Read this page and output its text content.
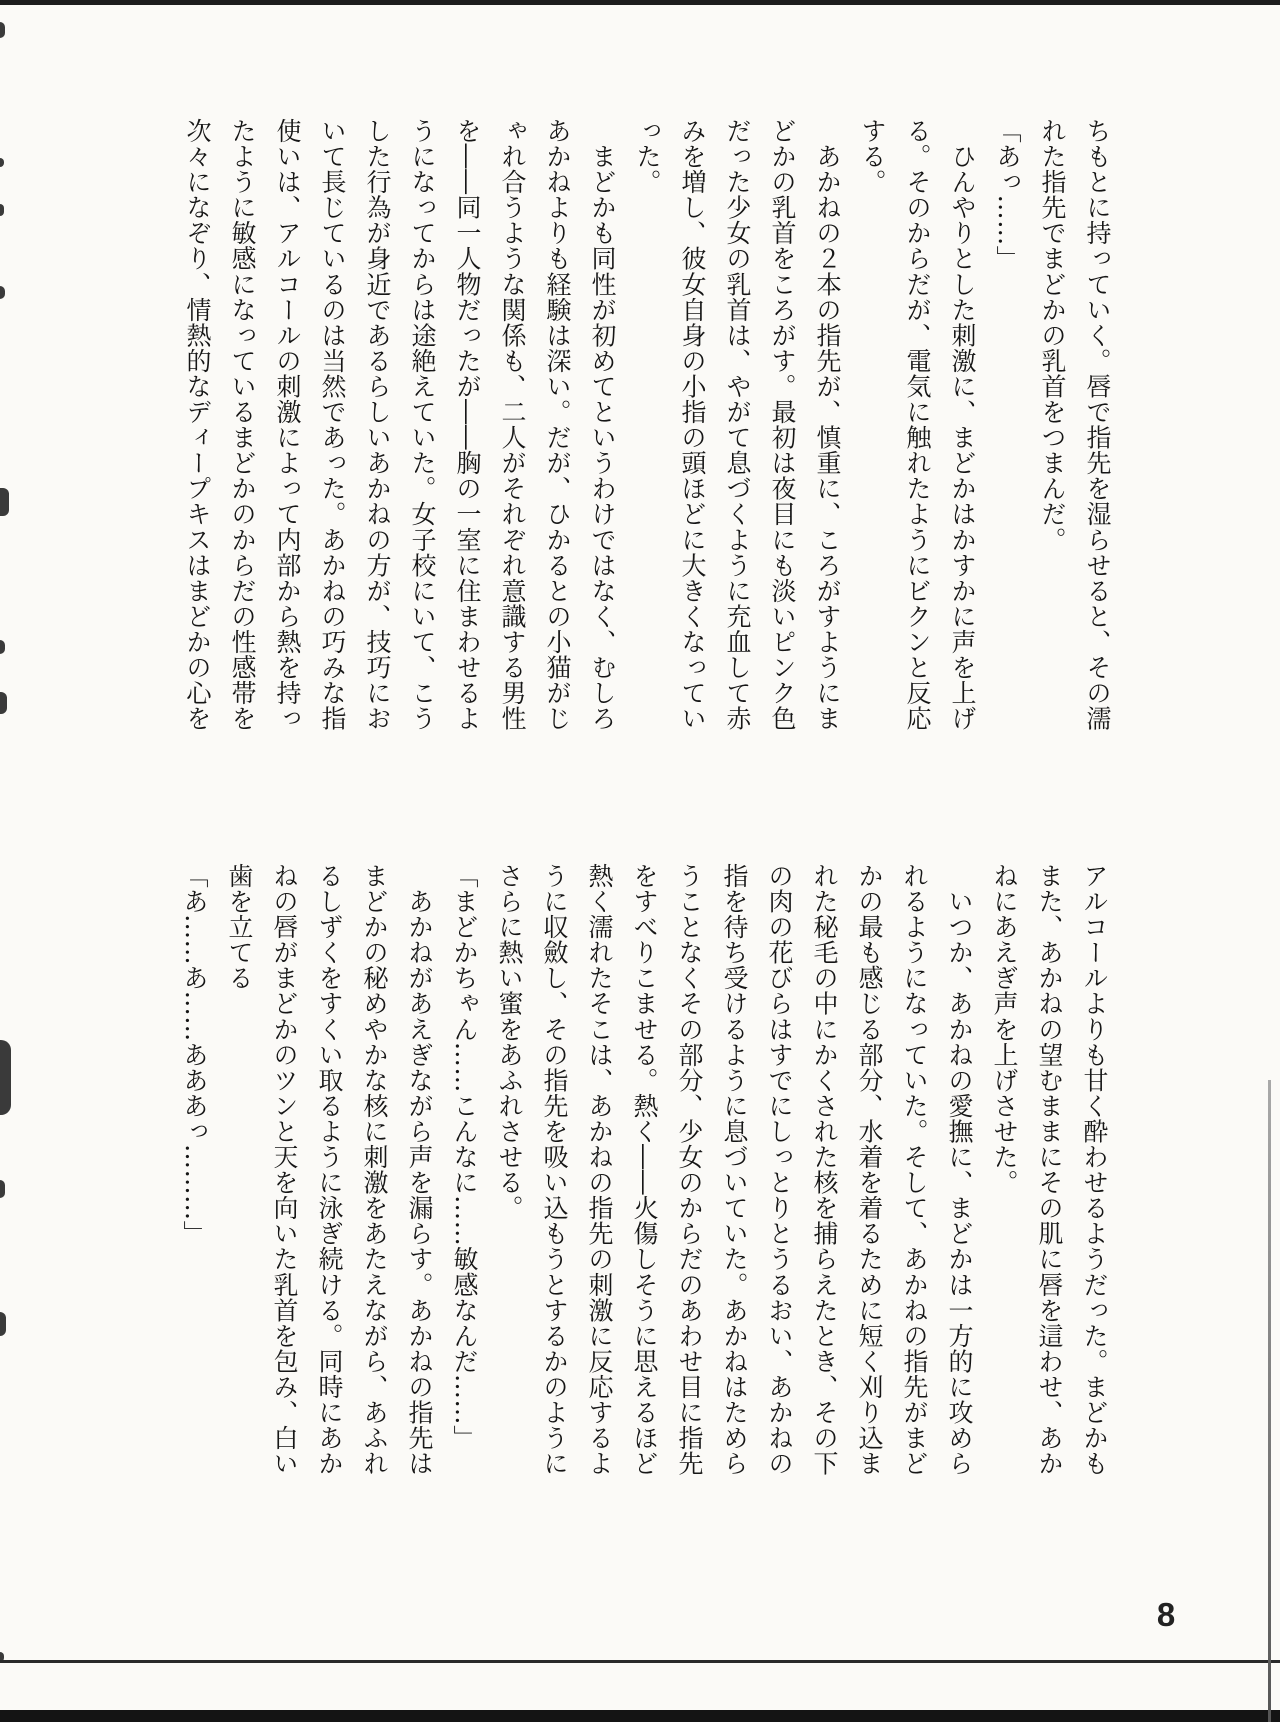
ちもとに持っていく。唇で指先を湿らせると、その濡
れた指先でまどかの乳首をつまんだ。
「あっ……」
　ひんやりとした刺激に、まどかはかすかに声を上げ
る。そのからだが、電気に触れたようにビクンと反応
する。
　あかねの２本の指先が、慎重に、ころがすようにま
どかの乳首をころがす。最初は夜目にも淡いピンク色
だった少女の乳首は、やがて息づくように充血して赤
みを増し、彼女自身の小指の頭ほどに大きくなってい
った。
　まどかも同性が初めてというわけではなく、むしろ
あかねよりも経験は深い。だが、ひかるとの小猫がじ
ゃれ合うような関係も、二人がそれぞれ意識する男性
を――同一人物だったが――胸の一室に住まわせるよ
うになってからは途絶えていた。女子校にいて、こう
した行為が身近であるらしいあかねの方が、技巧にお
いて長じているのは当然であった。あかねの巧みな指
使いは、アルコールの刺激によって内部から熱を持っ
たように敏感になっているまどかのからだの性感帯を
次々になぞり、情熱的なディープキスはまどかの心を
アルコールよりも甘く酔わせるようだった。まどかも
また、あかねの望むままにその肌に唇を這わせ、あか
ねにあえぎ声を上げさせた。
　いつか、あかねの愛撫に、まどかは一方的に攻めら
れるようになっていた。そして、あかねの指先がまど
かの最も感じる部分、水着を着るために短く刈り込ま
れた秘毛の中にかくされた核を捕らえたとき、その下
の肉の花びらはすでにしっとりとうるおい、あかねの
指を待ち受けるように息づいていた。あかねはためら
うことなくその部分、少女のからだのあわせ目に指先
をすべりこませる。熱く――火傷しそうに思えるほど
熱く濡れたそこは、あかねの指先の刺激に反応するよ
うに収斂し、その指先を吸い込もうとするかのように
さらに熱い蜜をあふれさせる。
「まどかちゃん……こんなに……敏感なんだ……」
　あかねがあえぎながら声を漏らす。あかねの指先は
まどかの秘めやかな核に刺激をあたえながら、あふれ
るしずくをすくい取るように泳ぎ続ける。同時にあか
ねの唇がまどかのツンと天を向いた乳首を包み、白い
歯を立てる
「あ……あ……あああっ………」
8
